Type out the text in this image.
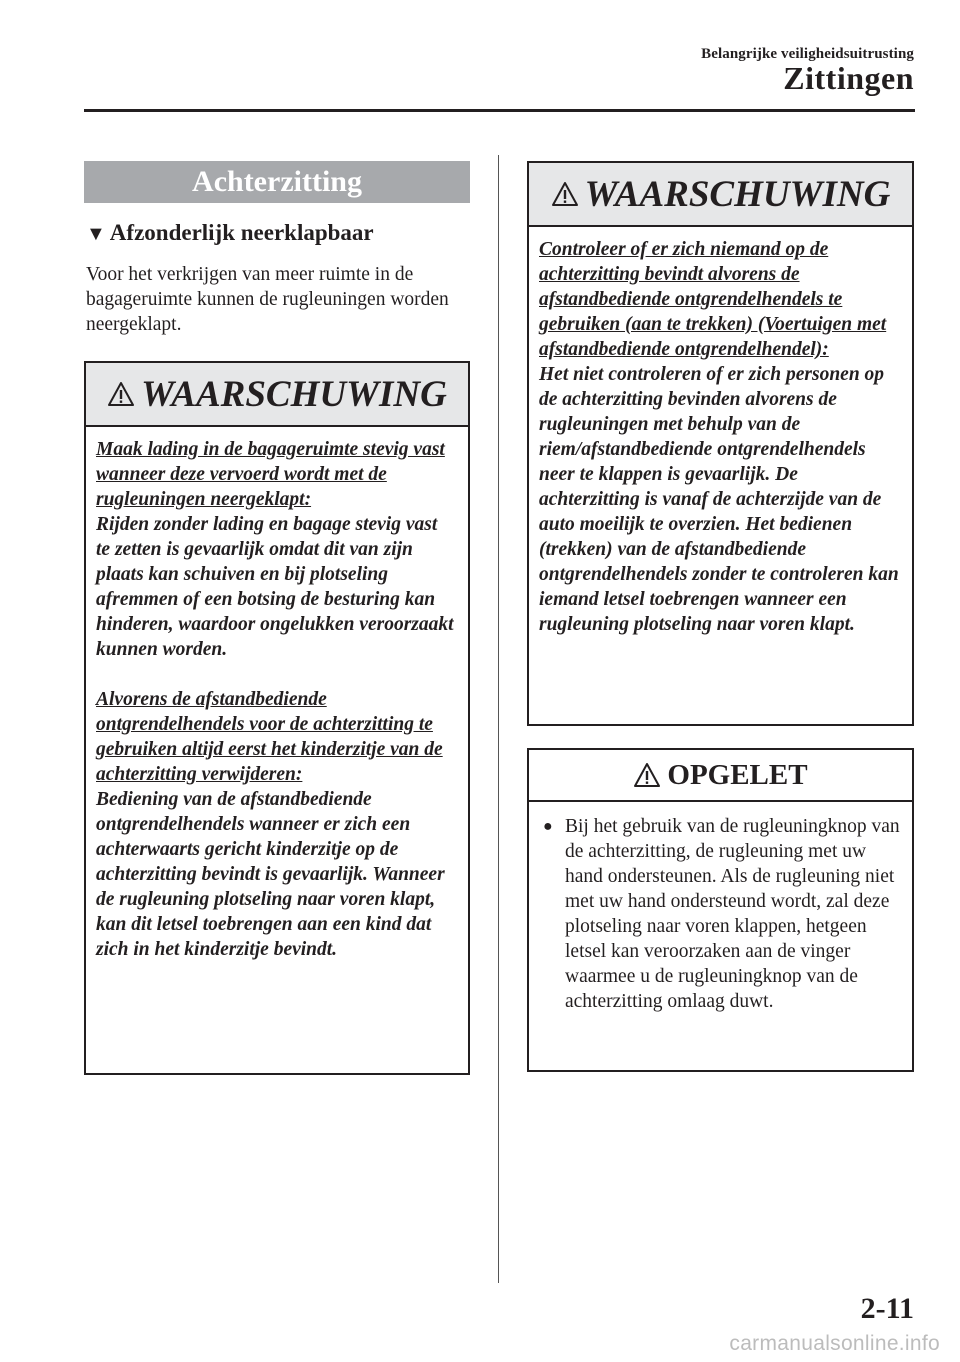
Belangrijke veiligheidsuitrusting
Zittingen
Achterzitting
▼ Afzonderlijk neerklapbaar
Voor het verkrijgen van meer ruimte in de bagageruimte kunnen de rugleuningen worden neergeklapt.
WAARSCHUWING

Maak lading in de bagageruimte stevig vast wanneer deze vervoerd wordt met de rugleuningen neergeklapt:

Rijden zonder lading en bagage stevig vast te zetten is gevaarlijk omdat dit van zijn plaats kan schuiven en bij plotseling afremmen of een botsing de besturing kan hinderen, waardoor ongelukken veroorzaakt kunnen worden.

Alvorens de afstandbediende ontgrendelhendels voor de achterzitting te gebruiken altijd eerst het kinderzitje van de achterzitting verwijderen:

Bediening van de afstandbediende ontgrendelhendels wanneer er zich een achterwaarts gericht kinderzitje op de achterzitting bevindt is gevaarlijk. Wanneer de rugleuning plotseling naar voren klapt, kan dit letsel toebrengen aan een kind dat zich in het kinderzitje bevindt.

WAARSCHUWING

Controleer of er zich niemand op de achterzitting bevindt alvorens de afstandbediende ontgrendelhendels te gebruiken (aan te trekken) (Voertuigen met afstandbediende ontgrendelhendel):

Het niet controleren of er zich personen op de achterzitting bevinden alvorens de rugleuningen met behulp van de riem/afstandbediende ontgrendelhendels neer te klappen is gevaarlijk. De achterzitting is vanaf de achterzijde van de auto moeilijk te overzien. Het bedienen (trekken) van de afstandbediende ontgrendelhendels zonder te controleren kan iemand letsel toebrengen wanneer een rugleuning plotseling naar voren klapt.

OPGELET
● Bij het gebruik van de rugleuningknop van de achterzitting, de rugleuning met uw hand ondersteunen. Als de rugleuning niet met uw hand ondersteund wordt, zal deze plotseling naar voren klappen, hetgeen letsel kan veroorzaken aan de vinger waarmee u de rugleuningknop van de achterzitting omlaag duwt.
2-11
carmanualsonline.info
